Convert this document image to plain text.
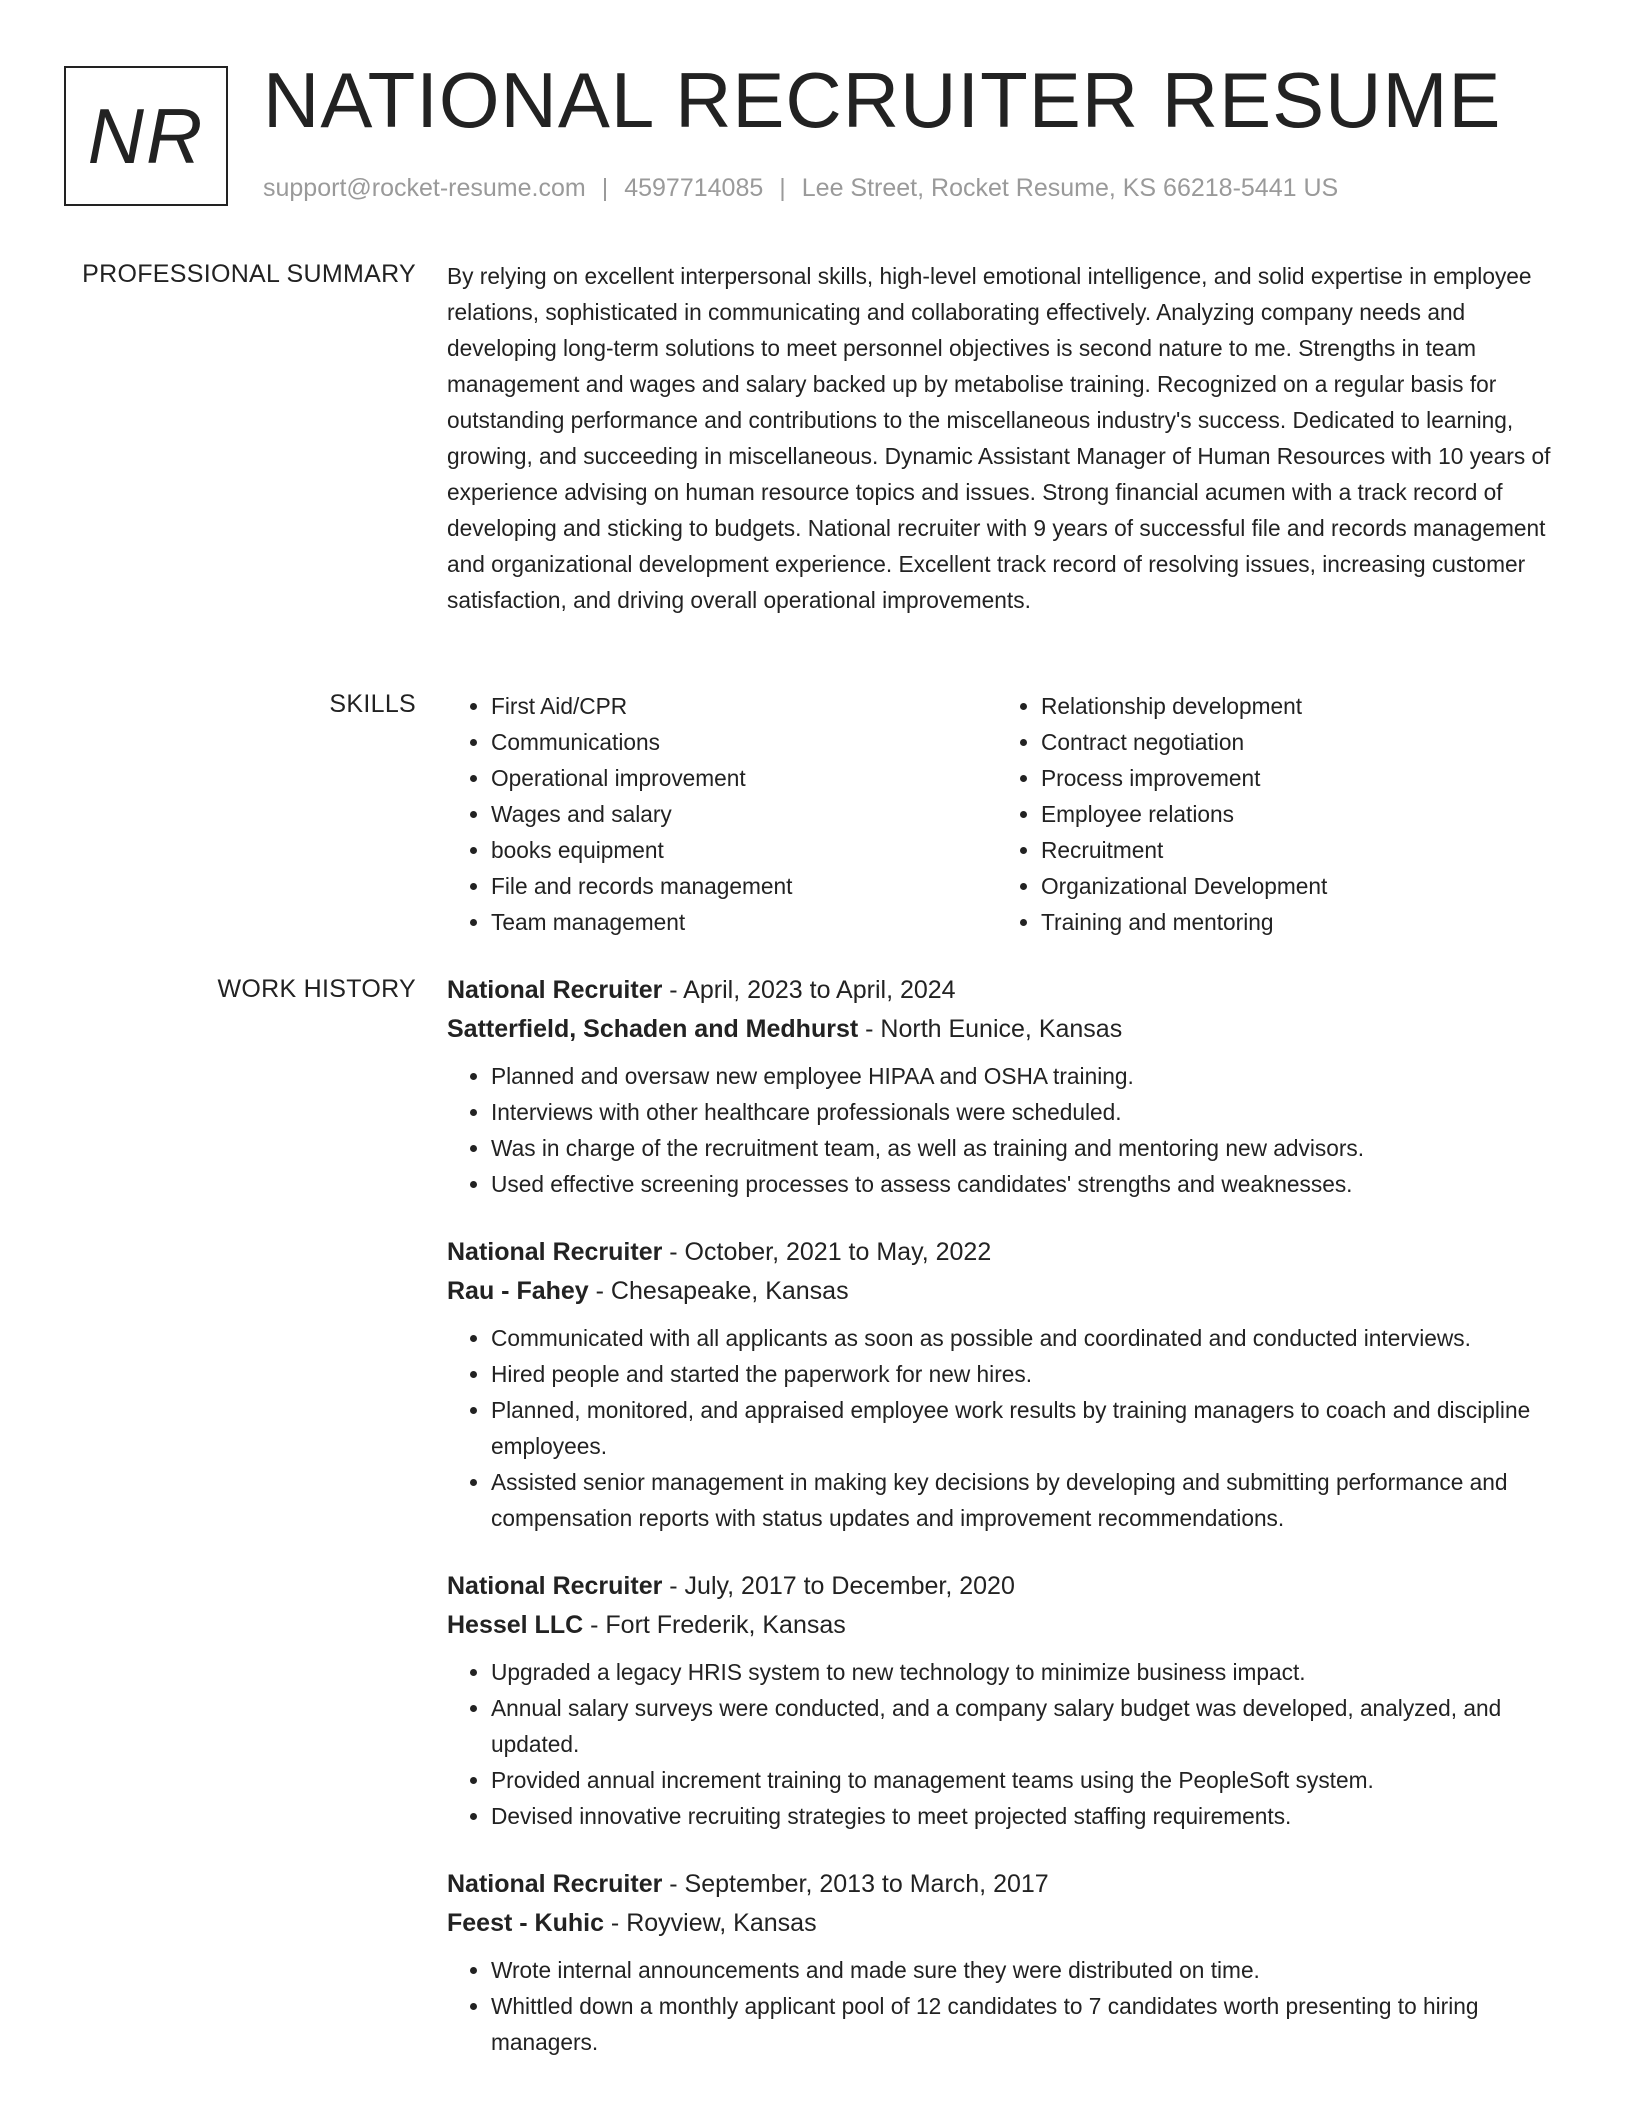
NR NATIONAL RECRUITER RESUME
support@rocket-resume.com | 4597714085 | Lee Street, Rocket Resume, KS 66218-5441 US
PROFESSIONAL SUMMARY By relying on excellent interpersonal skills, high-level emotional intelligence, and solid expertise in employee relations, sophisticated in communicating and collaborating effectively. Analyzing company needs and developing long-term solutions to meet personnel objectives is second nature to me. Strengths in team management and wages and salary backed up by metabolise training. Recognized on a regular basis for outstanding performance and contributions to the miscellaneous industry's success. Dedicated to learning, growing, and succeeding in miscellaneous. Dynamic Assistant Manager of Human Resources with 10 years of experience advising on human resource topics and issues. Strong financial acumen with a track record of developing and sticking to budgets. National recruiter with 9 years of successful file and records management and organizational development experience. Excellent track record of resolving issues, increasing customer satisfaction, and driving overall operational improvements.

SKILLS
•	First Aid/CPR
• Communications
• Operational improvement
• Wages and salary
• books equipment
• File and records management
• Team management
• Relationship development
• Contract negotiation
• Process improvement
• Employee relations
• Recruitment
• Organizational Development
• Training and mentoring
WORK HISTORY National Recruiter - April, 2023 to April, 2024
Satterfield, Schaden and Medhurst - North Eunice, Kansas
• Planned and oversaw new employee HIPAA and OSHA training.
• Interviews with other healthcare professionals were scheduled.
• Was in charge of the recruitment team, as well as training and mentoring new advisors.
• Used effective screening processes to assess candidates' strengths and weaknesses.
National Recruiter - October, 2021 to May, 2022
Rau - Fahey - Chesapeake, Kansas
• Communicated with all applicants as soon as possible and coordinated and conducted interviews.
• Hired people and started the paperwork for new hires.
• Planned, monitored, and appraised employee work results by training managers to coach and discipline employees.
• Assisted senior management in making key decisions by developing and submitting performance and compensation reports with status updates and improvement recommendations.
National Recruiter - July, 2017 to December, 2020
Hessel LLC - Fort Frederik, Kansas
• Upgraded a legacy HRIS system to new technology to minimize business impact.
• Annual salary surveys were conducted, and a company salary budget was developed, analyzed, and updated.
• Provided annual increment training to management teams using the PeopleSoft system.
• Devised innovative recruiting strategies to meet projected staffing requirements.
National Recruiter - September, 2013 to March, 2017
Feest - Kuhic - Royview, Kansas
• Wrote internal announcements and made sure they were distributed on time.
• Whittled down a monthly applicant pool of 12 candidates to 7 candidates worth presenting to hiring managers.
